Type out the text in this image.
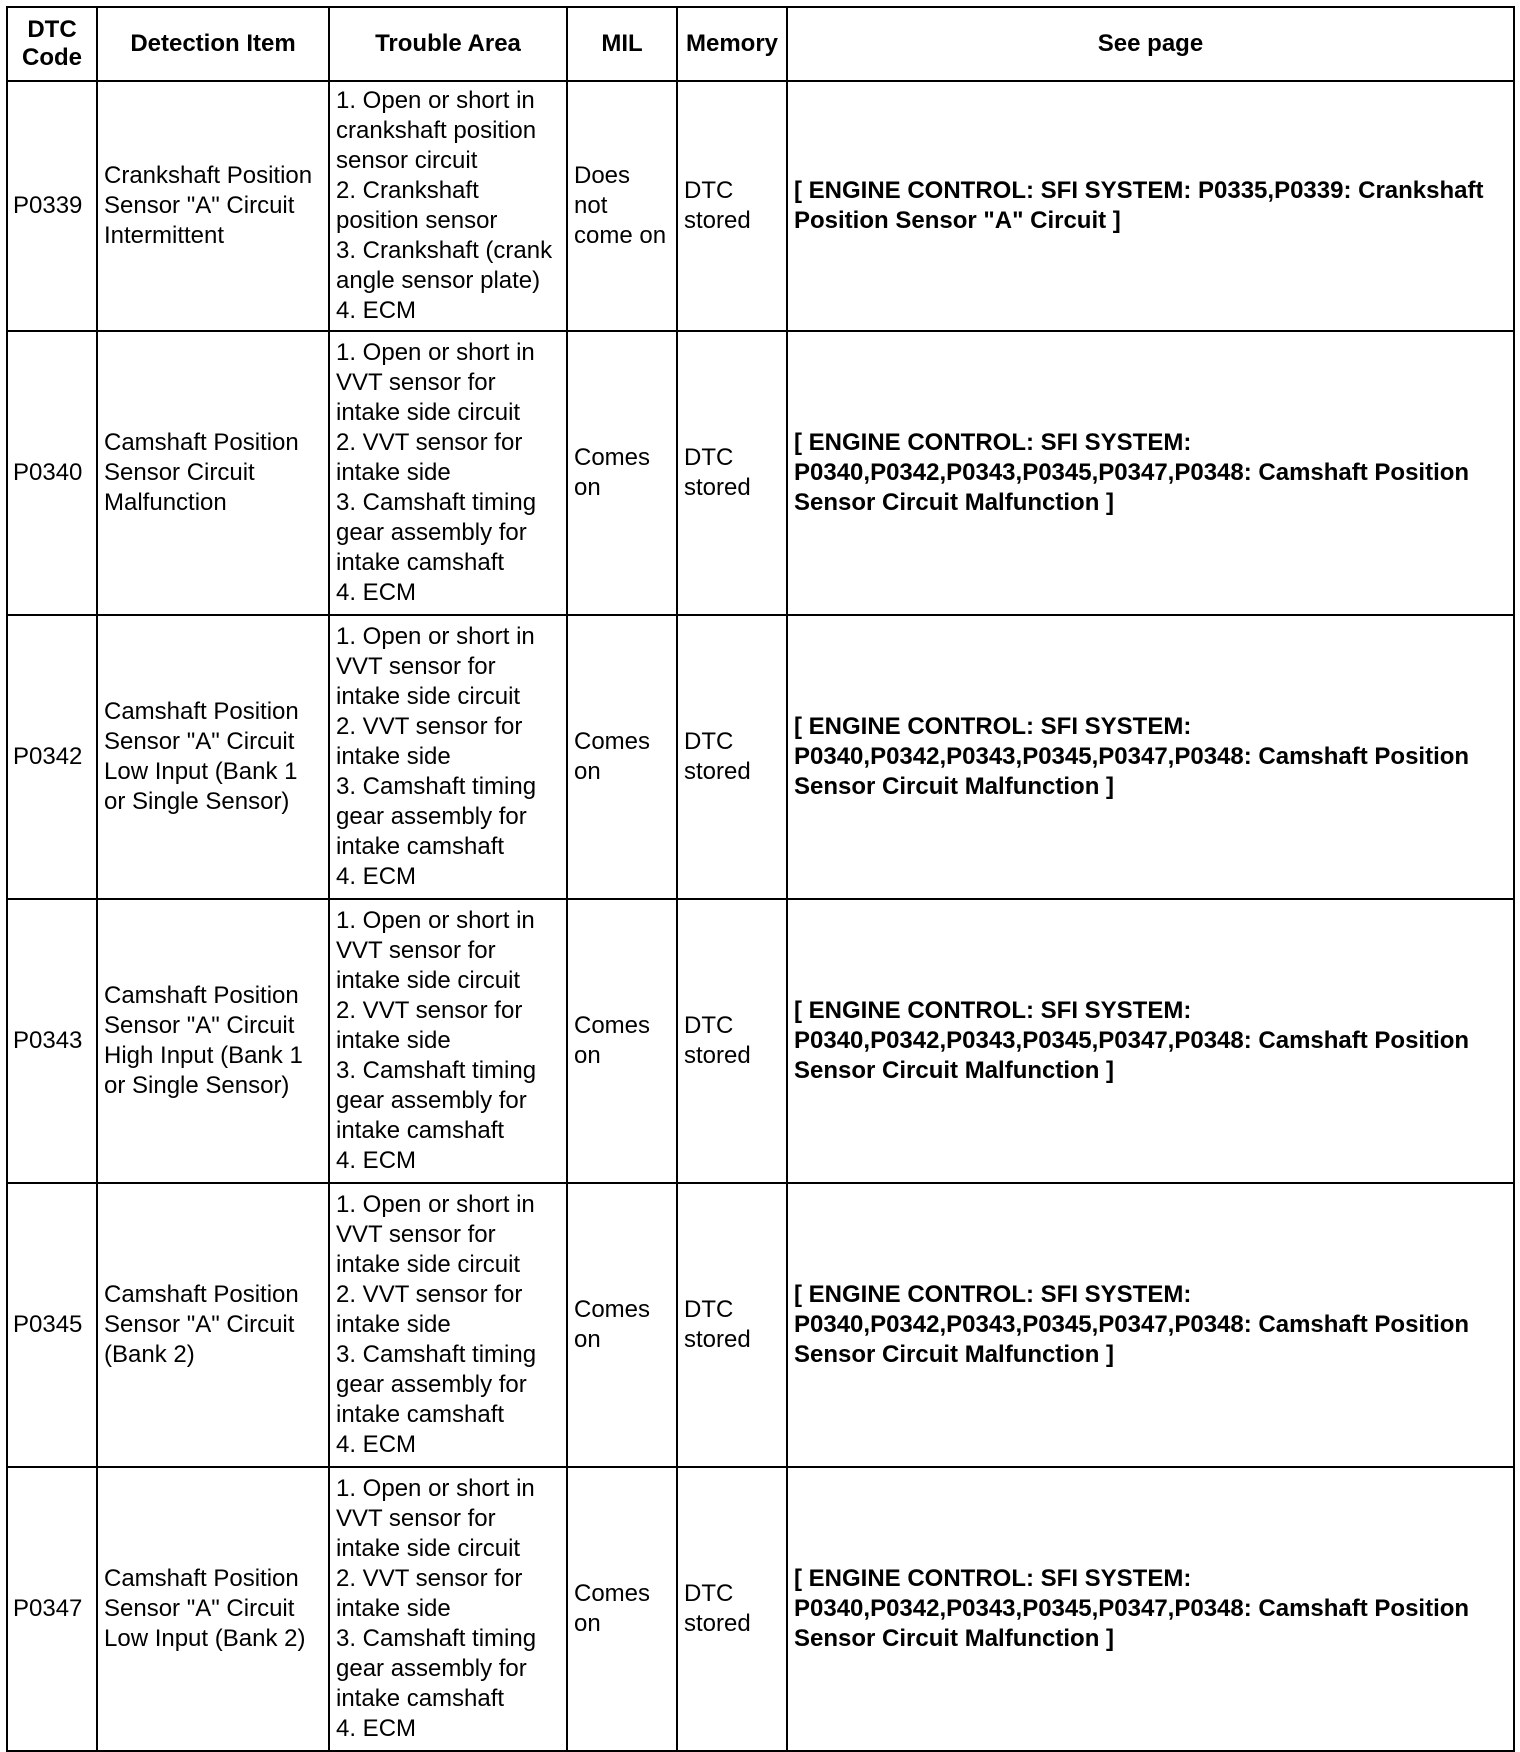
DTC Code	Detection Item	Trouble Area	MIL	Memory	See page
P0339	Crankshaft Position Sensor "A" Circuit Intermittent	1. Open or short in crankshaft position sensor circuit
2. Crankshaft position sensor
3. Crankshaft (crank angle sensor plate)
4. ECM	Does not come on	DTC stored	[ ENGINE CONTROL: SFI SYSTEM: P0335,P0339: Crankshaft Position Sensor "A" Circuit ]
P0340	Camshaft Position Sensor Circuit Malfunction	1. Open or short in VVT sensor for intake side circuit
2. VVT sensor for intake side
3. Camshaft timing gear assembly for intake camshaft
4. ECM	Comes on	DTC stored	[ ENGINE CONTROL: SFI SYSTEM: P0340,P0342,P0343,P0345,P0347,P0348: Camshaft Position Sensor Circuit Malfunction ]
P0342	Camshaft Position Sensor "A" Circuit Low Input (Bank 1 or Single Sensor)	1. Open or short in VVT sensor for intake side circuit
2. VVT sensor for intake side
3. Camshaft timing gear assembly for intake camshaft
4. ECM	Comes on	DTC stored	[ ENGINE CONTROL: SFI SYSTEM: P0340,P0342,P0343,P0345,P0347,P0348: Camshaft Position Sensor Circuit Malfunction ]
P0343	Camshaft Position Sensor "A" Circuit High Input (Bank 1 or Single Sensor)	1. Open or short in VVT sensor for intake side circuit
2. VVT sensor for intake side
3. Camshaft timing gear assembly for intake camshaft
4. ECM	Comes on	DTC stored	[ ENGINE CONTROL: SFI SYSTEM: P0340,P0342,P0343,P0345,P0347,P0348: Camshaft Position Sensor Circuit Malfunction ]
P0345	Camshaft Position Sensor "A" Circuit (Bank 2)	1. Open or short in VVT sensor for intake side circuit
2. VVT sensor for intake side
3. Camshaft timing gear assembly for intake camshaft
4. ECM	Comes on	DTC stored	[ ENGINE CONTROL: SFI SYSTEM: P0340,P0342,P0343,P0345,P0347,P0348: Camshaft Position Sensor Circuit Malfunction ]
P0347	Camshaft Position Sensor "A" Circuit Low Input (Bank 2)	1. Open or short in VVT sensor for intake side circuit
2. VVT sensor for intake side
3. Camshaft timing gear assembly for intake camshaft
4. ECM	Comes on	DTC stored	[ ENGINE CONTROL: SFI SYSTEM: P0340,P0342,P0343,P0345,P0347,P0348: Camshaft Position Sensor Circuit Malfunction ]
